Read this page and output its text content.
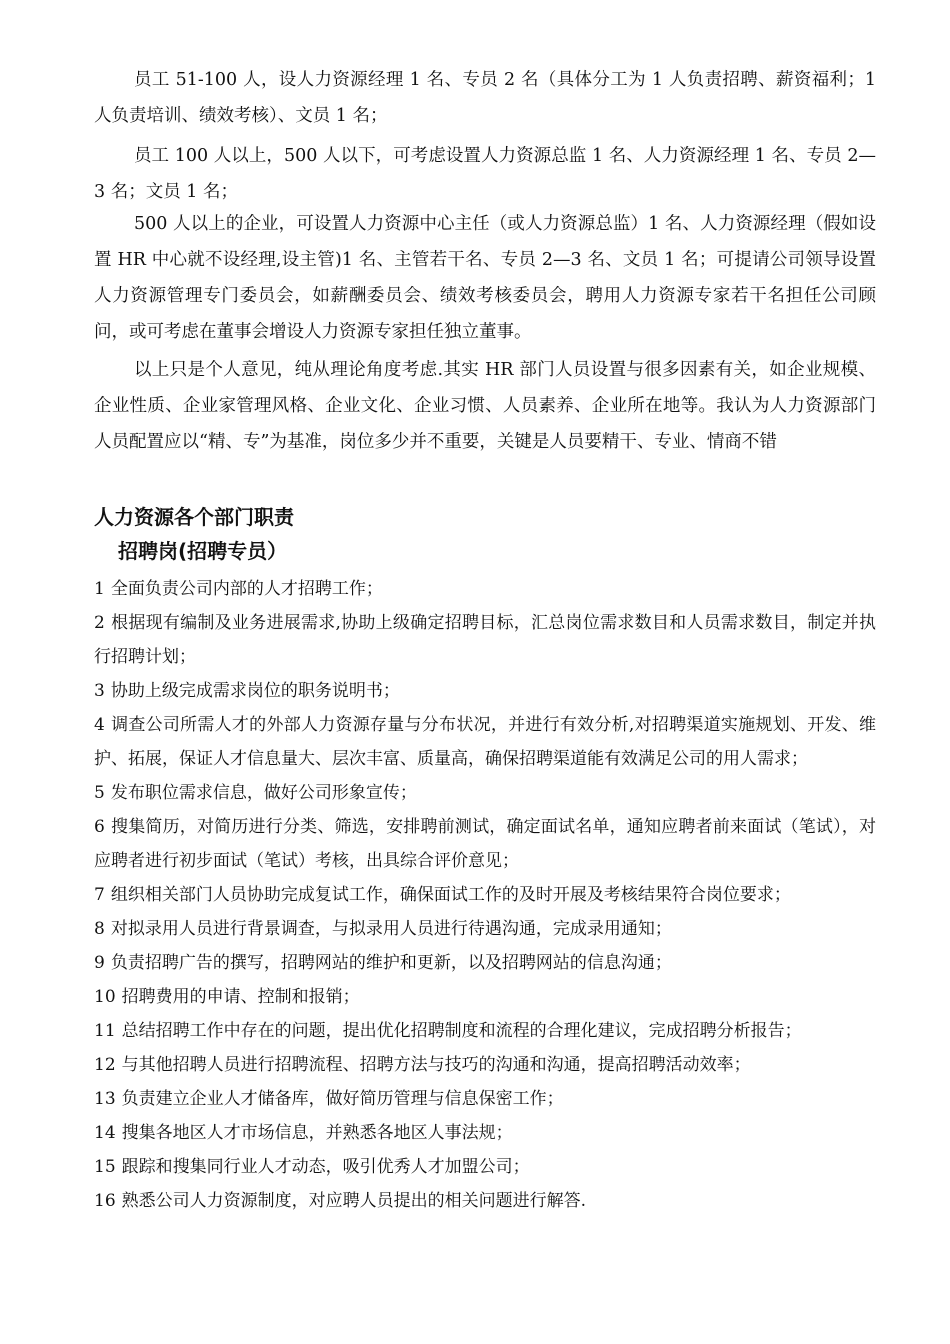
员工 51-100 人，设人力资源经理 1 名、专员 2 名（具体分工为 1 人负责招聘、薪资福利；1 人负责培训、绩效考核）、文员 1 名；

员工 100 人以上，500 人以下，可考虑设置人力资源总监 1 名、人力资源经理 1 名、专员 2—3 名；文员 1 名；

500 人以上的企业，可设置人力资源中心主任（或人力资源总监）1 名、人力资源经理（假如设置 HR 中心就不设经理,设主管)1 名、主管若干名、专员 2—3 名、文员 1 名；可提请公司领导设置人力资源管理专门委员会，如薪酬委员会、绩效考核委员会，聘用人力资源专家若干名担任公司顾问，或可考虑在董事会增设人力资源专家担任独立董事。

以上只是个人意见，纯从理论角度考虑.其实 HR 部门人员设置与很多因素有关，如企业规模、企业性质、企业家管理风格、企业文化、企业习惯、人员素养、企业所在地等。我认为人力资源部门人员配置应以“精、专”为基准，岗位多少并不重要，关键是人员要精干、专业、情商不错

人力资源各个部门职责
招聘岗(招聘专员）
1 全面负责公司内部的人才招聘工作；
2 根据现有编制及业务进展需求,协助上级确定招聘目标，汇总岗位需求数目和人员需求数目，制定并执行招聘计划；
3 协助上级完成需求岗位的职务说明书；
4 调查公司所需人才的外部人力资源存量与分布状况，并进行有效分析,对招聘渠道实施规划、开发、维护、拓展，保证人才信息量大、层次丰富、质量高，确保招聘渠道能有效满足公司的用人需求；
5 发布职位需求信息，做好公司形象宣传；
6 搜集简历，对简历进行分类、筛选，安排聘前测试，确定面试名单，通知应聘者前来面试（笔试），对应聘者进行初步面试（笔试）考核，出具综合评价意见；
7 组织相关部门人员协助完成复试工作，确保面试工作的及时开展及考核结果符合岗位要求；
8 对拟录用人员进行背景调查，与拟录用人员进行待遇沟通，完成录用通知；
9 负责招聘广告的撰写，招聘网站的维护和更新，以及招聘网站的信息沟通；
10 招聘费用的申请、控制和报销；
11 总结招聘工作中存在的问题，提出优化招聘制度和流程的合理化建议，完成招聘分析报告；
12 与其他招聘人员进行招聘流程、招聘方法与技巧的沟通和沟通，提高招聘活动效率；
13 负责建立企业人才储备库，做好简历管理与信息保密工作；
14 搜集各地区人才市场信息，并熟悉各地区人事法规；
15 跟踪和搜集同行业人才动态，吸引优秀人才加盟公司；
16 熟悉公司人力资源制度，对应聘人员提出的相关问题进行解答.
